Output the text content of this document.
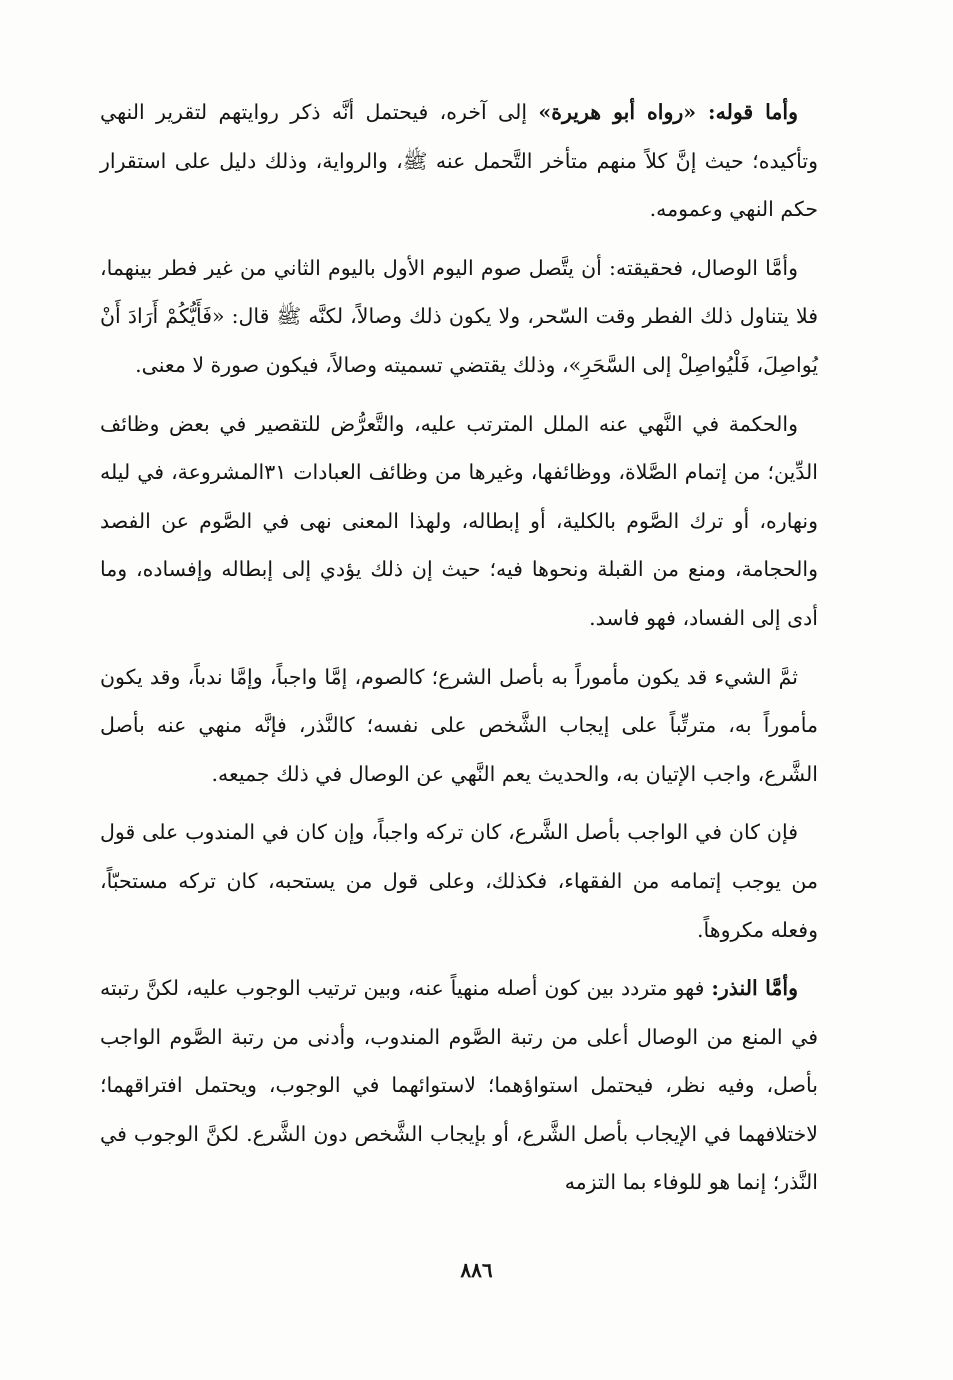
وأما قوله: «رواه أبو هريرة» إلى آخره، فيحتمل أنَّه ذكر روايتهم لتقرير النهي وتأكيده؛ حيث إنَّ كلاً منهم متأخر التَّحمل عنه ﷺ، والرواية، وذلك دليل على استقرار حكم النهي وعمومه.

وأمَّا الوصال، فحقيقته: أن يتَّصل صوم اليوم الأول باليوم الثاني من غير فطر بينهما، فلا يتناول ذلك الفطر وقت السّحر، ولا يكون ذلك وصالاً، لكنَّه ﷺ قال: «فَأَيُّكُمْ أَرَادَ أَنْ يُواصِلَ، فَلْيُواصِلْ إلى السَّحَرِ»، وذلك يقتضي تسميته وصالاً، فيكون صورة لا معنى.

والحكمة في النَّهي عنه الملل المترتب عليه، والتَّعرُّض للتقصير في بعض وظائف الدِّين؛ من إتمام الصَّلاة، ووظائفها، وغيرها من وظائف العبادات ٣١المشروعة، في ليله ونهاره، أو ترك الصَّوم بالكلية، أو إبطاله، ولهذا المعنى نهى في الصَّوم عن الفصد والحجامة، ومنع من القبلة ونحوها فيه؛ حيث إن ذلك يؤدي إلى إبطاله وإفساده، وما أدى إلى الفساد، فهو فاسد.

ثمَّ الشيء قد يكون مأموراً به بأصل الشرع؛ كالصوم، إمَّا واجباً، وإمَّا ندباً، وقد يكون مأموراً به، مترتِّباً على إيجاب الشَّخص على نفسه؛ كالنَّذر، فإنَّه منهي عنه بأصل الشَّرع، واجب الإتيان به، والحديث يعم النَّهي عن الوصال في ذلك جميعه.

فإن كان في الواجب بأصل الشَّرع، كان تركه واجباً، وإن كان في المندوب على قول من يوجب إتمامه من الفقهاء، فكذلك، وعلى قول من يستحبه، كان تركه مستحبّاً، وفعله مكروهاً.

وأمَّا النذر: فهو متردد بين كون أصله منهياً عنه، وبين ترتيب الوجوب عليه، لكنَّ رتبته في المنع من الوصال أعلى من رتبة الصَّوم المندوب، وأدنى من رتبة الصَّوم الواجب بأصل، وفيه نظر، فيحتمل استواؤهما؛ لاستوائهما في الوجوب، ويحتمل افتراقهما؛ لاختلافهما في الإيجاب بأصل الشَّرع، أو بإيجاب الشَّخص دون الشَّرع. لكنَّ الوجوب في النَّذر؛ إنما هو للوفاء بما التزمه

٨٨٦
